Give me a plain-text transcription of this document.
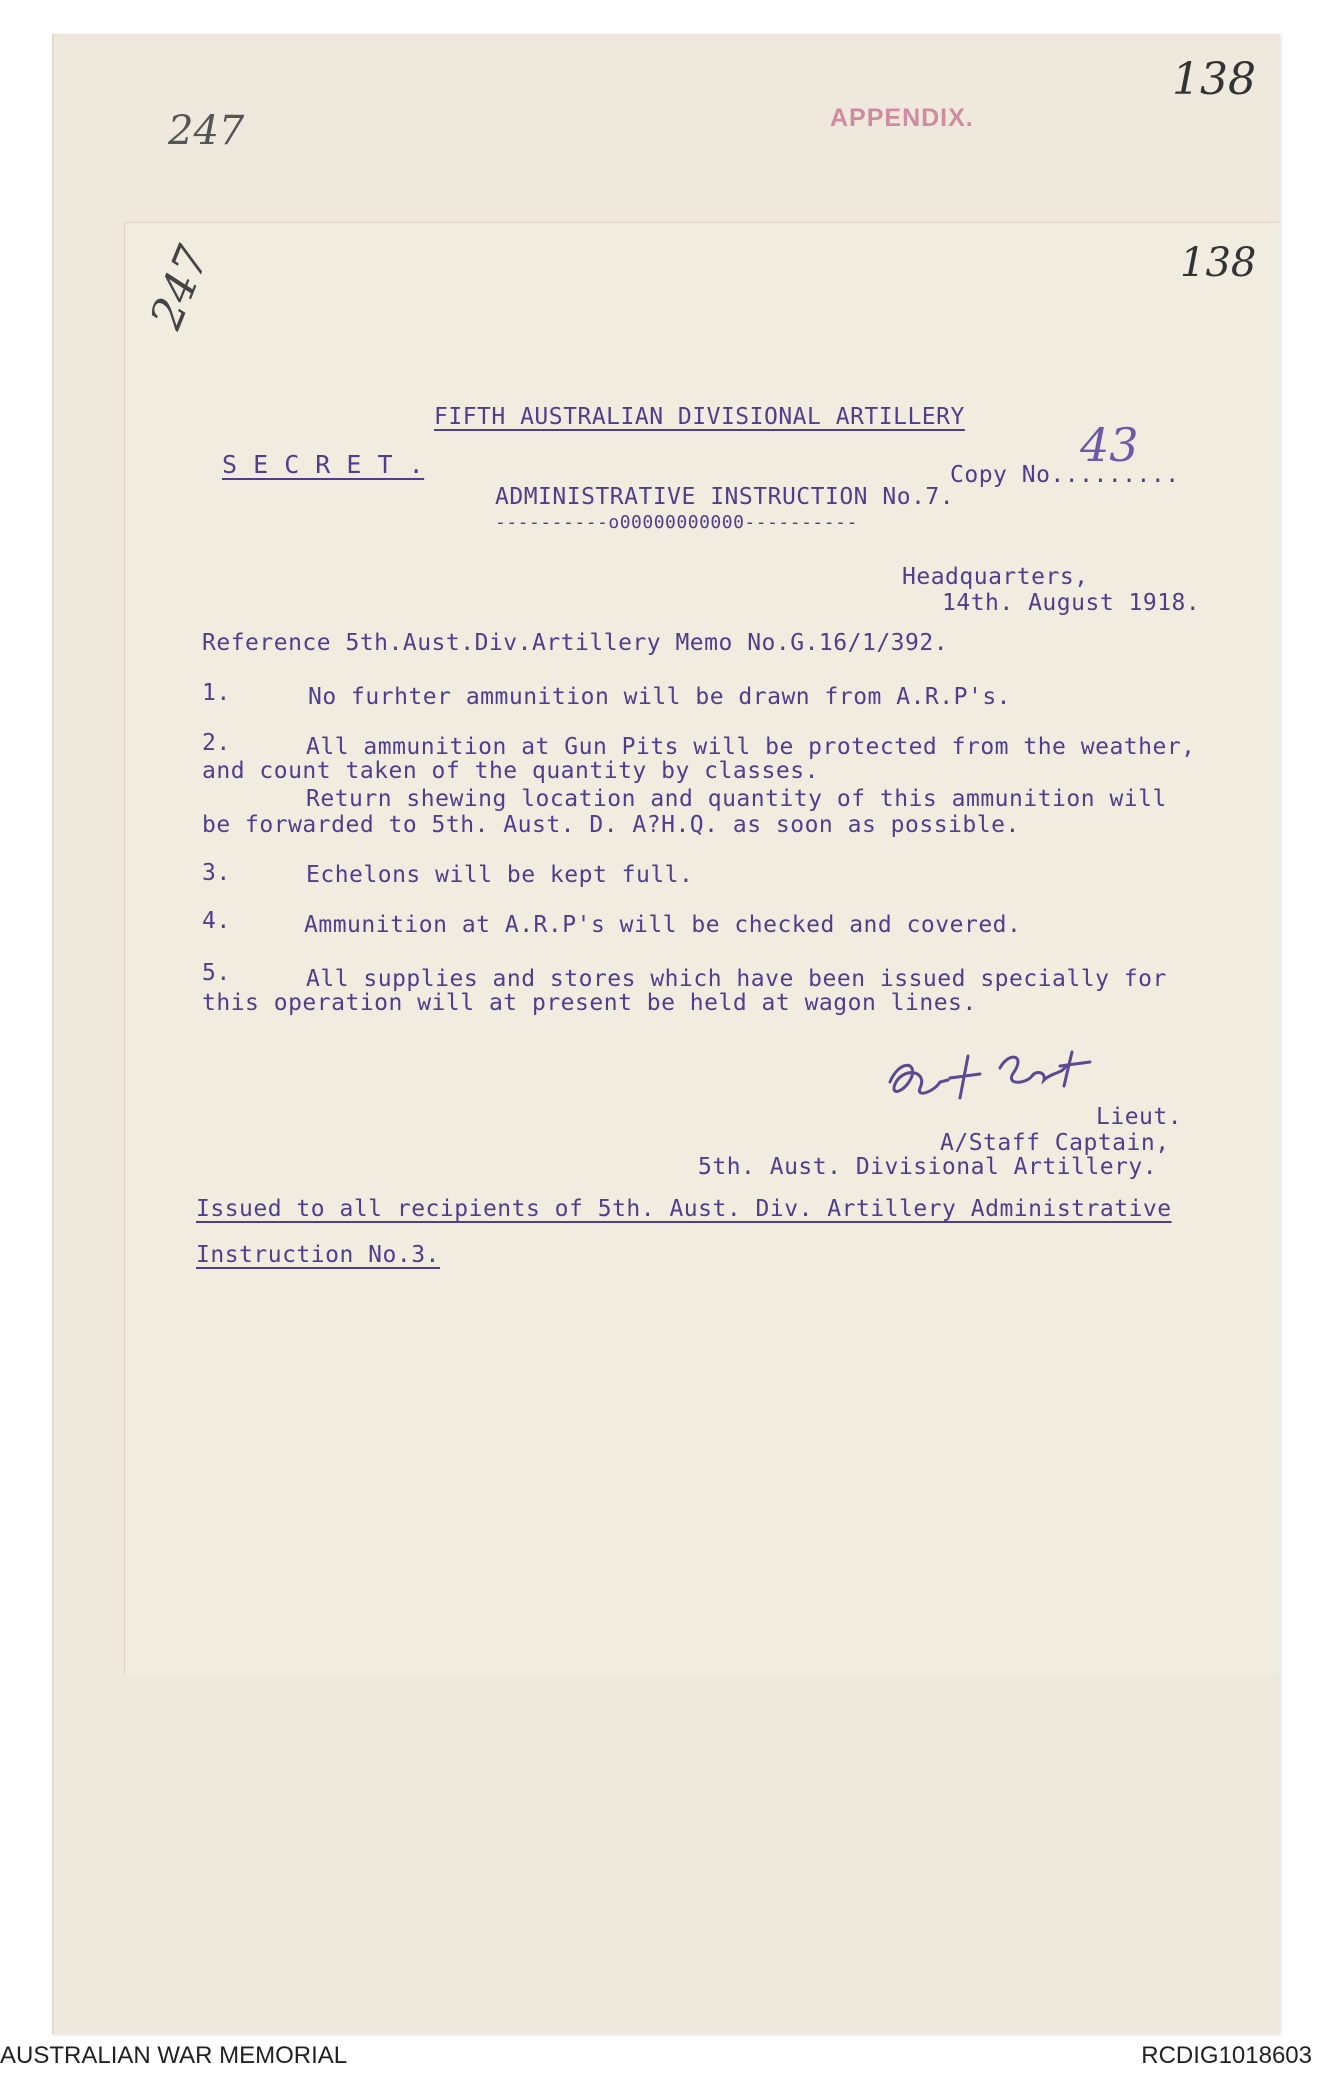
247
138
APPENDIX.
247	138
43
FIFTH AUSTRALIAN DIVISIONAL ARTILLERY
S E C R E T .	Copy No.........
ADMINISTRATIVE INSTRUCTION No.7.
----------o00000000000----------
Headquarters,
14th. August 1918.
Reference 5th.Aust.Div.Artillery Memo No.G.16/1/392.
1.	No furhter ammunition will be drawn from A.R.P's.
2.	All ammunition at Gun Pits will be protected from the weather,
and count taken of the quantity by classes.
Return shewing location and quantity of this ammunition will
be forwarded to 5th. Aust. D. A?H.Q. as soon as possible.
3.	Echelons will be kept full.
4.	Ammunition at A.R.P's will be checked and covered.
5.	All supplies and stores which have been issued specially for
this operation will at present be held at wagon lines.
Lieut.
A/Staff Captain,
5th. Aust. Divisional Artillery.
Issued to all recipients of 5th. Aust. Div. Artillery Administrative
Instruction No.3.
AUSTRALIAN WAR MEMORIAL	RCDIG1018603
